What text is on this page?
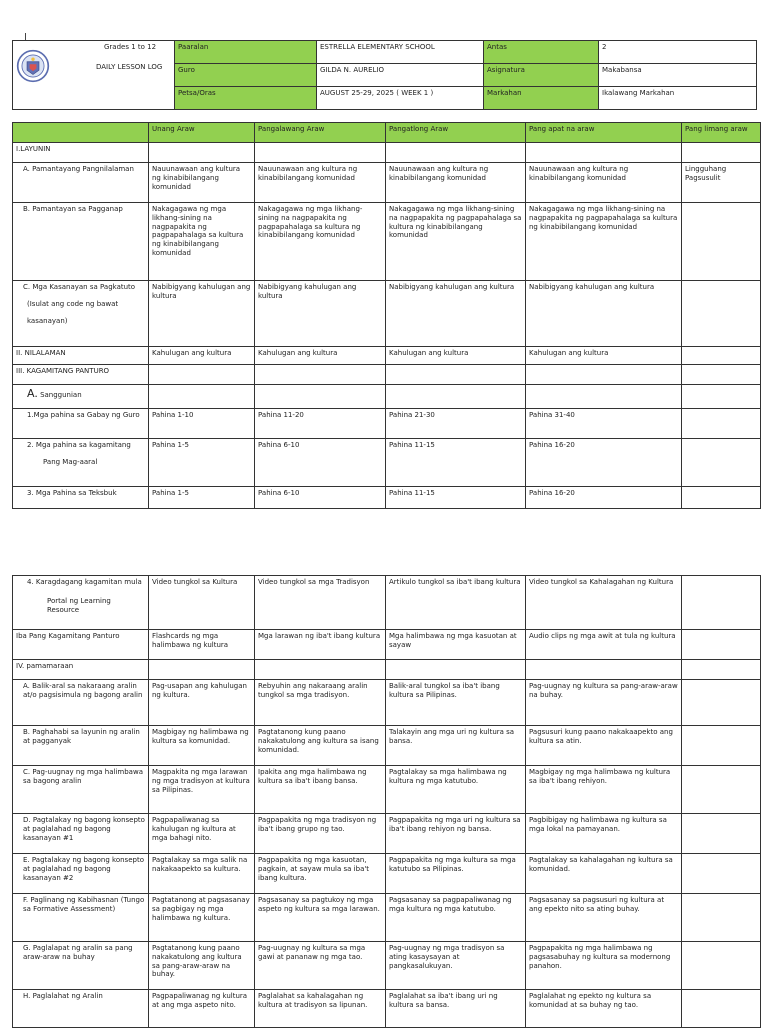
Grades 1 to 12
DAILY LESSON LOG	Paaralan	ESTRELLA ELEMENTARY SCHOOL	Antas	2
	Guro	GILDA N. AURELIO	Asignatura	Makabansa
	Petsa/Oras	AUGUST 25-29, 2025 ( WEEK 1 )	Markahan	Ikalawang Markahan
	Unang Araw	Pangalawang Araw	Pangatlong Araw	Pang apat na araw	Pang limang araw
I.LAYUNIN					
A. Pamantayang Pangnilalaman	Nauunawaan ang kultura ng kinabibilangang komunidad	Nauunawaan ang kultura ng kinabibilangang komunidad	Nauunawaan ang kultura ng kinabibilangang komunidad	Nauunawaan ang kultura ng kinabibilangang komunidad	Lingguhang Pagsusulit
B. Pamantayan sa Pagganap	Nakagagawa ng mga likhang-sining na nagpapakita ng pagpapahalaga sa kultura ng kinabibilangang komunidad	Nakagagawa ng mga likhang-sining na nagpapakita ng pagpapahalaga sa kultura ng kinabibilangang komunidad	Nakagagawa ng mga likhang-sining na nagpapakita ng pagpapahalaga sa kultura ng kinabibilangang komunidad	Nakagagawa ng mga likhang-sining na nagpapakita ng pagpapahalaga sa kultura ng kinabibilangang komunidad	

C. Mga Kasanayan sa Pagkatuto
(Isulat ang code ng bawat
kasanayan)	Nabibigyang kahulugan ang kultura	Nabibigyang kahulugan ang kultura	Nabibigyang kahulugan ang kultura	Nabibigyang kahulugan ang kultura	
II. NILALAMAN	Kahulugan ang kultura	Kahulugan ang kultura	Kahulugan ang kultura	Kahulugan ang kultura	
III. KAGAMITANG PANTURO					
A. Sanggunian					
1.Mga pahina sa Gabay ng Guro	Pahina 1-10	Pahina 11-20	Pahina 21-30	Pahina 31-40	

2. Mga pahina sa kagamitang
Pang Mag-aaral	Pahina 1-5	Pahina 6-10	Pahina 11-15	Pahina 16-20	
3. Mga Pahina sa Teksbuk	Pahina 1-5	Pahina 6-10	Pahina 11-15	Pahina 16-20	
4. Karagdagang kagamitan mula
Portal ng Learning Resource	Video tungkol sa Kultura	Video tungkol sa mga Tradisyon	Artikulo tungkol sa iba't ibang kultura	Video tungkol sa Kahalagahan ng Kultura	
Iba Pang Kagamitang Panturo	Flashcards ng mga halimbawa ng kultura	Mga larawan ng iba't ibang kultura	Mga halimbawa ng mga kasuotan at sayaw	Audio clips ng mga awit at tula ng kultura	
IV. pamamaraan					
A. Balik-aral sa nakaraang aralin at/o pagsisimula ng bagong aralin	Pag-usapan ang kahulugan ng kultura.	Rebyuhin ang nakaraang aralin tungkol sa mga tradisyon.	Balik-aral tungkol sa iba't ibang kultura sa Pilipinas.	Pag-uugnay ng kultura sa pang-araw-araw na buhay.	
B. Paghahabi sa layunin ng aralin at pagganyak	Magbigay ng halimbawa ng kultura sa komunidad.	Pagtatanong kung paano nakakatulong ang kultura sa isang komunidad.	Talakayin ang mga uri ng kultura sa bansa.	Pagsusuri kung paano nakakaapekto ang kultura sa atin.	
C. Pag-uugnay ng mga halimbawa sa bagong aralin	Magpakita ng mga larawan ng mga tradisyon at kultura sa Pilipinas.	Ipakita ang mga halimbawa ng kultura sa iba't ibang bansa.	Pagtalakay sa mga halimbawa ng kultura ng mga katutubo.	Magbigay ng mga halimbawa ng kultura sa iba't ibang rehiyon.	
D. Pagtalakay ng bagong konsepto at paglalahad ng bagong kasanayan #1	Pagpapaliwanag sa kahulugan ng kultura at mga bahagi nito.	Pagpapakita ng mga tradisyon ng iba't ibang grupo ng tao.	Pagpapakita ng mga uri ng kultura sa iba't ibang rehiyon ng bansa.	Pagbibigay ng halimbawa ng kultura sa mga lokal na pamayanan.	
E. Pagtalakay ng bagong konsepto at paglalahad ng bagong kasanayan #2	Pagtalakay sa mga salik na nakakaapekto sa kultura.	Pagpapakita ng mga kasuotan, pagkain, at sayaw mula sa iba't ibang kultura.	Pagpapakita ng mga kultura sa mga katutubo sa Pilipinas.	Pagtalakay sa kahalagahan ng kultura sa komunidad.	
F. Paglinang ng Kabihasnan (Tungo sa Formative Assessment)	Pagtatanong at pagsasanay sa pagbigay ng mga halimbawa ng kultura.	Pagsasanay sa pagtukoy ng mga aspeto ng kultura sa mga larawan.	Pagsasanay sa pagpapaliwanag ng mga kultura ng mga katutubo.	Pagsasanay sa pagsusuri ng kultura at ang epekto nito sa ating buhay.	
G. Paglalapat ng aralin sa pang araw-araw na buhay	Pagtatanong kung paano nakakatulong ang kultura sa pang-araw-araw na buhay.	Pag-uugnay ng kultura sa mga gawi at pananaw ng mga tao.	Pag-uugnay ng mga tradisyon sa ating kasaysayan at pangkasalukuyan.	Pagpapakita ng mga halimbawa ng pagsasabuhay ng kultura sa modernong panahon.	
H. Paglalahat ng Aralin	Pagpapaliwanag ng kultura at ang mga aspeto nito.	Paglalahat sa kahalagahan ng kultura at tradisyon sa lipunan.	Paglalahat sa iba't ibang uri ng kultura sa bansa.	Paglalahat ng epekto ng kultura sa komunidad at sa buhay ng tao.	
